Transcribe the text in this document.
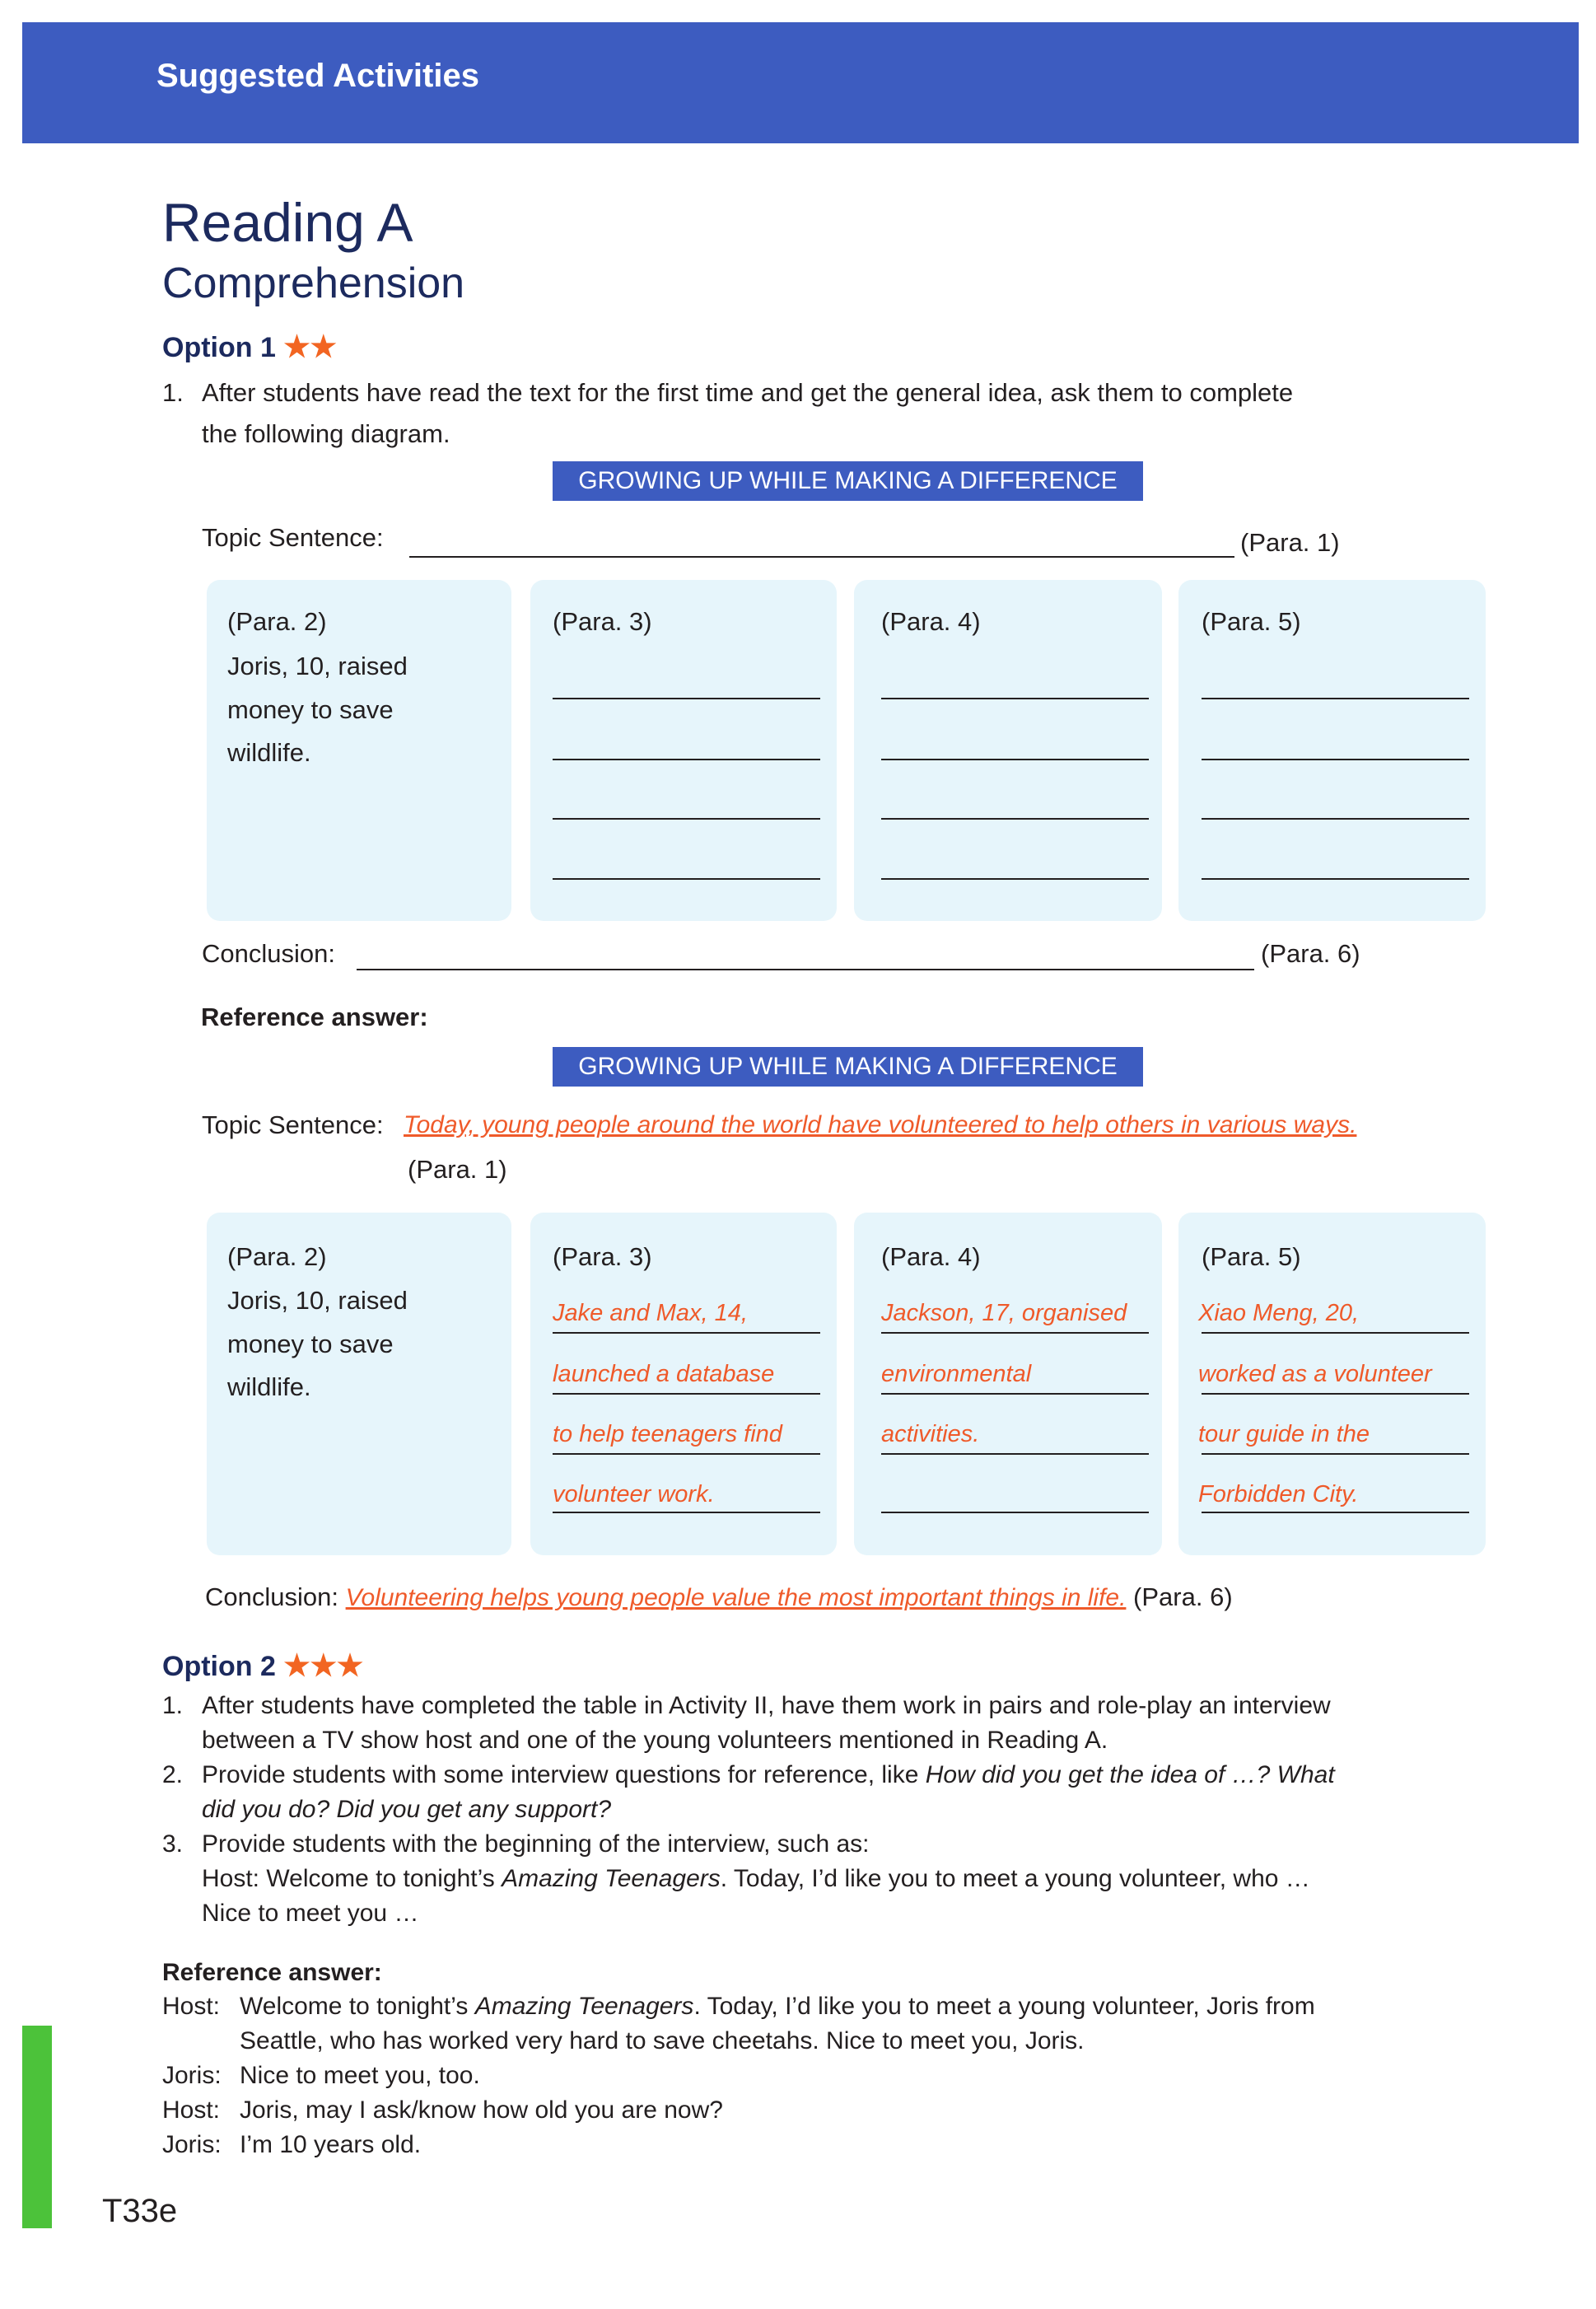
Suggested Activities
Reading A
Comprehension
Option 1 ★★
1. After students have read the text for the first time and get the general idea, ask them to complete
the following diagram.
GROWING UP WHILE MAKING A DIFFERENCE
Topic Sentence:	(Para. 1)
(Para. 2)
Joris, 10, raised
money to save
wildlife.
(Para. 3)	(Para. 4)	(Para. 5)
Conclusion:	(Para. 6)
Reference answer:
GROWING UP WHILE MAKING A DIFFERENCE
Topic Sentence: Today, young people around the world have volunteered to help others in various ways.
(Para. 1)
(Para. 2)
Joris, 10, raised
money to save
wildlife.
(Para. 3)
Jake and Max, 14,
launched a database
to help teenagers find
volunteer work.
(Para. 4)
Jackson, 17, organised
environmental
activities.
(Para. 5)
Xiao Meng, 20,
worked as a volunteer
tour guide in the
Forbidden City.
Conclusion: Volunteering helps young people value the most important things in life. (Para. 6)
Option 2 ★★★
1. After students have completed the table in Activity II, have them work in pairs and role-play an interview
between a TV show host and one of the young volunteers mentioned in Reading A.
2. Provide students with some interview questions for reference, like How did you get the idea of …? What
did you do? Did you get any support?
3. Provide students with the beginning of the interview, such as:
Host: Welcome to tonight’s Amazing Teenagers. Today, I’d like you to meet a young volunteer, who …
Nice to meet you …
Reference answer:
Host: Welcome to tonight’s Amazing Teenagers. Today, I’d like you to meet a young volunteer, Joris from
Seattle, who has worked very hard to save cheetahs. Nice to meet you, Joris.
Joris: Nice to meet you, too.
Host: Joris, may I ask/know how old you are now?
Joris: I’m 10 years old.
T33e
